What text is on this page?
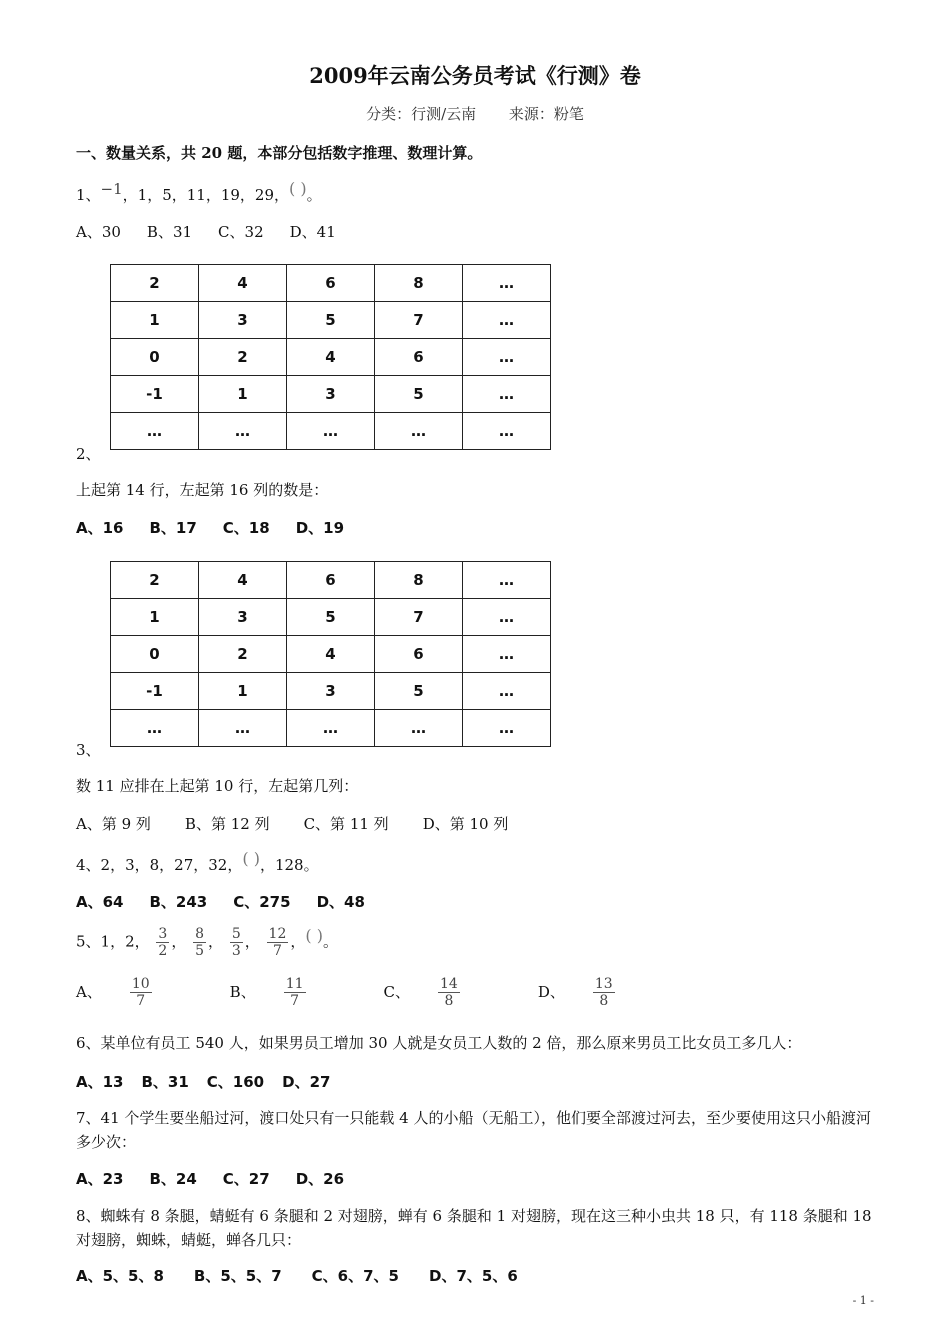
2009年云南公务员考试《行测》卷
分类：行测/云南 来源：粉笔
一、数量关系，共 20 题，本部分包括数字推理、数理计算。
1、−1，1，5，11，19，29，( )。
A、30 B、31 C、32 D、41
2	4	6	8	…
1	3	5	7	…
0	2	4	6	…
-1	1	3	5	…
…	…	…	…	…
2、
上起第 14 行，左起第 16 列的数是：
A、16 B、17 C、18 D、19
2	4	6	8	…
1	3	5	7	…
0	2	4	6	…
-1	1	3	5	…
…	…	…	…	…
3、
数 11 应排在上起第 10 行，左起第几列：
A、第 9 列 B、第 12 列 C、第 11 列 D、第 10 列
4、2，3，8，27，32，( )，128。
A、64 B、243 C、275 D、48
5、1，2， $\frac{3}{2}$ ， $\frac{8}{5}$ ， $\frac{5}{3}$ ， $\frac{12}{7}$ ，( )。
A、 $\frac{10}{7}$	B、 $\frac{11}{7}$	C、 $\frac{14}{8}$	D、 $\frac{13}{8}$
6、某单位有员工 540 人，如果男员工增加 30 人就是女员工人数的 2 倍，那么原来男员工比女员工多几人：
A、13 B、31 C、160 D、27
7、41 个学生要坐船过河，渡口处只有一只能载 4 人的小船（无船工），他们要全部渡过河去，至少要使用这只小船渡河多少次：
A、23 B、24 C、27 D、26
8、蜘蛛有 8 条腿，蜻蜓有 6 条腿和 2 对翅膀，蝉有 6 条腿和 1 对翅膀，现在这三种小虫共 18 只，有 118 条腿和 18 对翅膀，蜘蛛，蜻蜓，蝉各几只：
A、5、5、8 B、5、5、7 C、6、7、5 D、7、5、6
- 1 -
